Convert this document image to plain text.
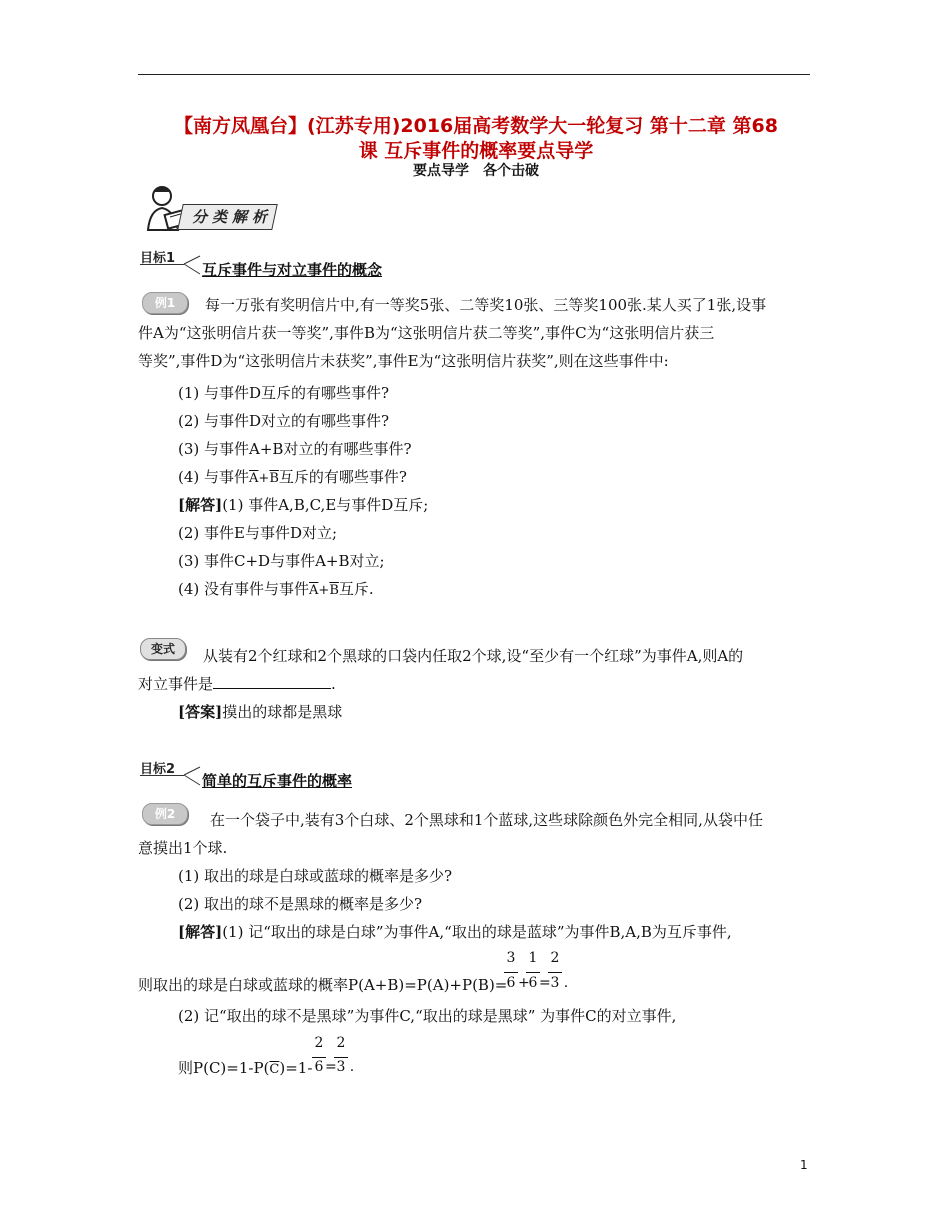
【南方凤凰台】(江苏专用)2016届高考数学大一轮复习 第十二章 第68
课 互斥事件的概率要点导学
要点导学　各个击破
分类解析
目标1
互斥事件与对立事件的概念
例1	每一万张有奖明信片中,有一等奖5张、二等奖10张、三等奖100张.某人买了1张,设事
件A为“这张明信片获一等奖”,事件B为“这张明信片获二等奖”,事件C为“这张明信片获三
等奖”,事件D为“这张明信片未获奖”,事件E为“这张明信片获奖”,则在这些事件中:
(1) 与事件D互斥的有哪些事件?
(2) 与事件D对立的有哪些事件?
(3) 与事件A+B对立的有哪些事件?
(4) 与事件$\overline{A}+\overline{B}$互斥的有哪些事件?
[解答](1) 事件A,B,C,E与事件D互斥;
(2) 事件E与事件D对立;
(3) 事件C+D与事件A+B对立;
(4) 没有事件与事件$\overline{A}+\overline{B}$互斥.
变式	从装有2个红球和2个黑球的口袋内任取2个球,设“至少有一个红球”为事件A,则A的
对立事件是	.
[答案]摸出的球都是黑球
目标2
简单的互斥事件的概率
例2	在一个袋子中,装有3个白球、2个黑球和1个蓝球,这些球除颜色外完全相同,从袋中任
意摸出1个球.
(1) 取出的球是白球或蓝球的概率是多少?
(2) 取出的球不是黑球的概率是多少?
[解答](1) 记“取出的球是白球”为事件A,“取出的球是蓝球”为事件B,A,B为互斥事件,
3 1 2
则取出的球是白球或蓝球的概率P(A+B)=P(A)+P(B)= 6 +
6 = 3 .
(2) 记“取出的球不是黑球”为事件C,“取出的球是黑球” 为事件C的对立事件,
2 2
则$P(C)=1-P(\overline{C})=1-$ 6 = 3 .
1
